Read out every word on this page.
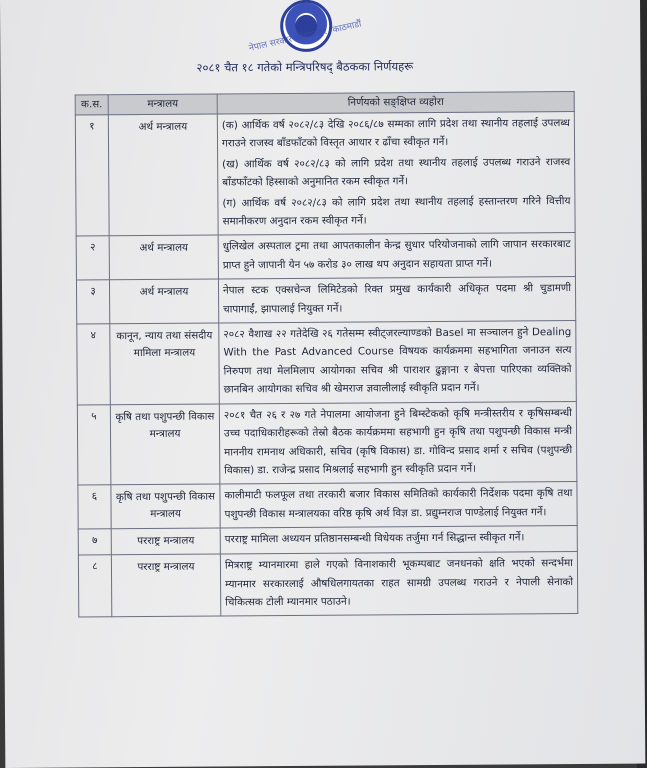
नेपाल सरकार सिंहदरबार, काठमाडौं
२०८१ चैत १८ गतेको मन्त्रिपरिषद् बैठकका निर्णयहरू
क.स.	मन्त्रालय	निर्णयको सङ्क्षिप्त व्यहोरा
१	अर्थ मन्त्रालय	(क) आर्थिक वर्ष २०८२/८३ देखि २०८६/८७ सम्मका लागि प्रदेश तथा स्थानीय तहलाई उपलब्ध गराउने राजस्व बाँडफाँटको विस्तृत आधार र ढाँचा स्वीकृत गर्ने।
(ख) आर्थिक वर्ष २०८२/८३ को लागि प्रदेश तथा स्थानीय तहलाई उपलब्ध गराउने राजस्व बाँडफाँटको हिस्साको अनुमानित रकम स्वीकृत गर्ने।
(ग) आर्थिक वर्ष २०८२/८३ को लागि प्रदेश तथा स्थानीय तहलाई हस्तान्तरण गरिने वित्तीय समानीकरण अनुदान रकम स्वीकृत गर्ने।

२	अर्थ मन्त्रालय	धुलिखेल अस्पताल ट्रमा तथा आपतकालीन केन्द्र सुधार परियोजनाको लागि जापान सरकारबाट प्राप्त हुने जापानी येन ५७ करोड ३० लाख थप अनुदान सहायता प्राप्त गर्ने।

३	अर्थ मन्त्रालय	नेपाल स्टक एक्सचेन्ज लिमिटेडको रिक्त प्रमुख कार्यकारी अधिकृत पदमा श्री चुडामणी चापागाईं, झापालाई नियुक्त गर्ने।

४	कानून, न्याय तथा संसदीय मामिला मन्त्रालय	२०८२ वैशाख २२ गतेदेखि २६ गतेसम्म स्वीट्जरल्याण्डको Basel मा सञ्चालन हुने Dealing With the Past Advanced Course विषयक कार्यक्रममा सहभागिता जनाउन सत्य निरुपण तथा मेलमिलाप आयोगका सचिव श्री पाराशर ढुङ्गाना र बेपत्ता पारिएका व्यक्तिको छानबिन आयोगका सचिव श्री खेमराज ज्ञवालीलाई स्वीकृति प्रदान गर्ने।

५	कृषि तथा पशुपन्छी विकास मन्त्रालय	२०८१ चैत २६ र २७ गते नेपालमा आयोजना हुने बिम्स्टेकको कृषि मन्त्रीस्तरीय र कृषिसम्बन्धी उच्च पदाधिकारीहरूको तेस्रो बैठक कार्यक्रममा सहभागी हुन कृषि तथा पशुपन्छी विकास मन्त्री माननीय रामनाथ अधिकारी, सचिव (कृषि विकास) डा. गोविन्द प्रसाद शर्मा र सचिव (पशुपन्छी विकास) डा. राजेन्द्र प्रसाद मिश्रलाई सहभागी हुन स्वीकृति प्रदान गर्ने।

६	कृषि तथा पशुपन्छी विकास मन्त्रालय	कालीमाटी फलफूल तथा तरकारी बजार विकास समितिको कार्यकारी निर्देशक पदमा कृषि तथा पशुपन्छी विकास मन्त्रालयका वरिष्ठ कृषि अर्थ विज्ञ डा. प्रद्युम्नराज पाण्डेलाई नियुक्त गर्ने।

७	परराष्ट्र मन्त्रालय	परराष्ट्र मामिला अध्ययन प्रतिष्ठानसम्बन्धी विधेयक तर्जुमा गर्न सिद्धान्त स्वीकृत गर्ने।

८	परराष्ट्र मन्त्रालय	मित्रराष्ट्र म्यानमारमा हाले गएको विनाशकारी भूकम्पबाट जनधनको क्षति भएको सन्दर्भमा म्यानमार सरकारलाई औषधिलगायतका राहत सामग्री उपलब्ध गराउने र नेपाली सेनाको चिकित्सक टोली म्यानमार पठाउने।
